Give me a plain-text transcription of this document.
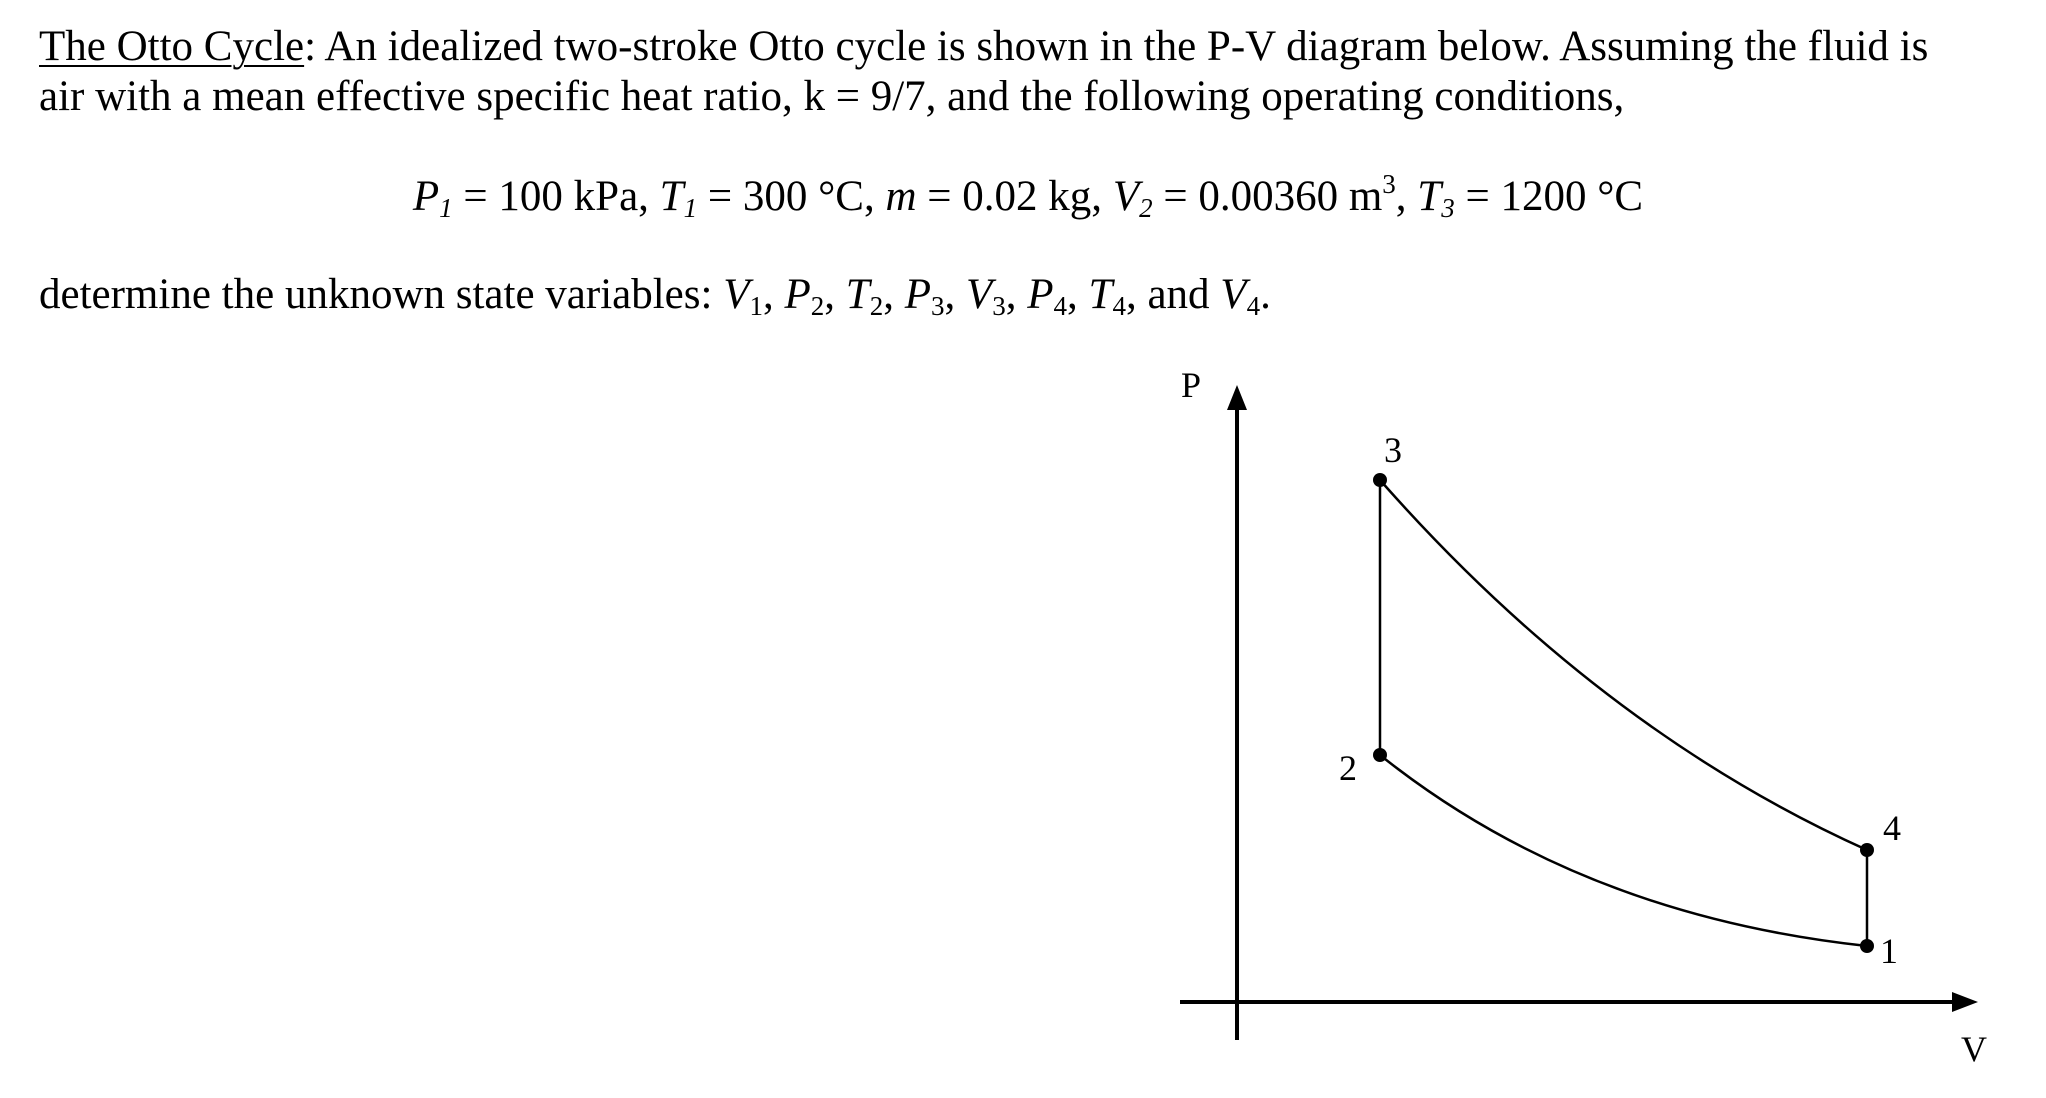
The Otto Cycle: An idealized two-stroke Otto cycle is shown in the P-V diagram below. Assuming the fluid is
air with a mean effective specific heat ratio, k = 9/7, and the following operating conditions,

$P_1 = 100$ kPa, $T_1 = 300$ °C, m = 0.02 kg, $V_2 = 0.00360$ $m^3$, $T_3 = 1200$ °C

determine the unknown state variables: $V_1$, $P_2$, $T_2$, $P_3$, $V_3$, $P_4$, $T_4$, and $V_4$.

P
V
1
2
3
4
